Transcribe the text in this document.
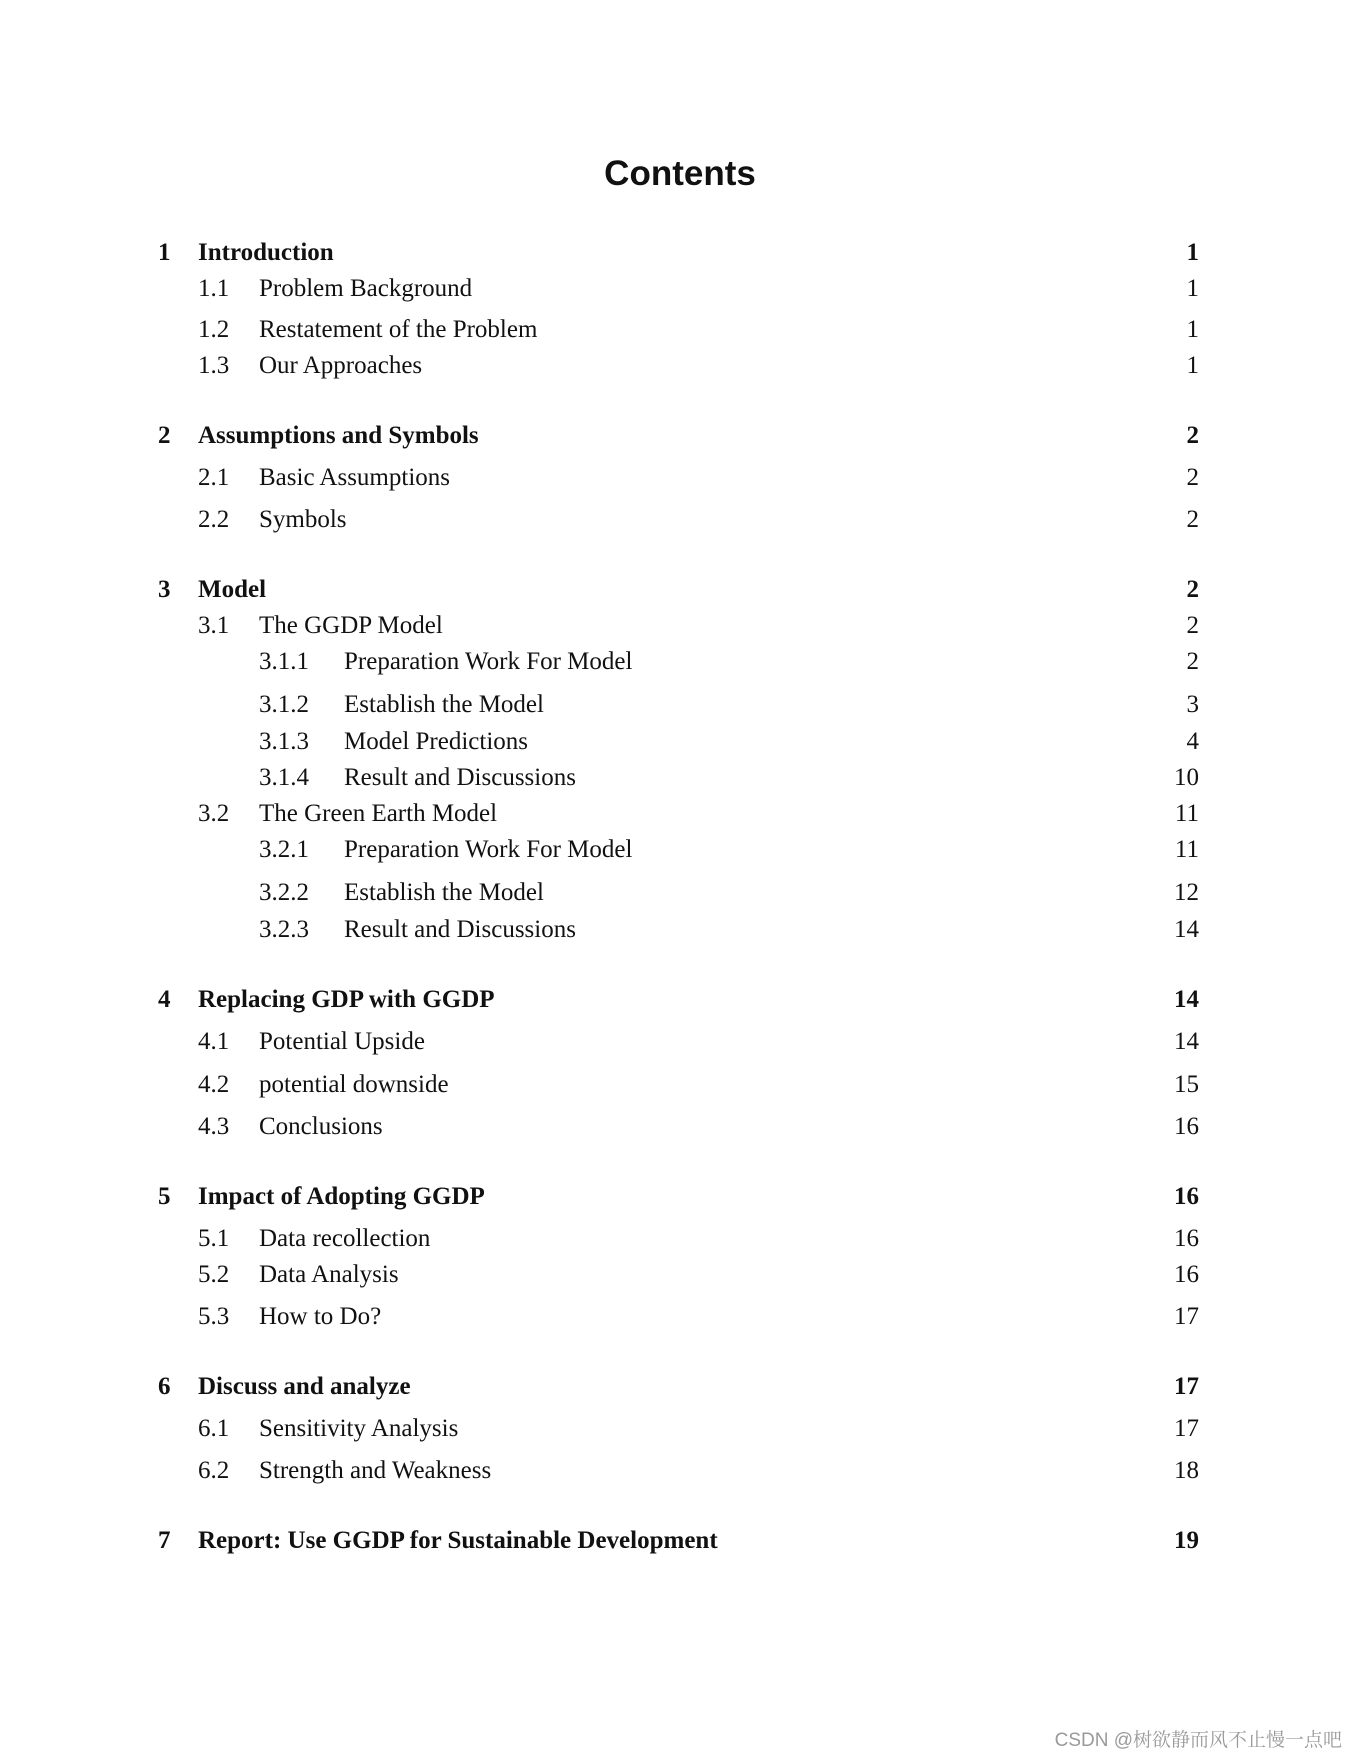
Contents
1 Introduction	1
1.1 Problem Background	1
1.2 Restatement of the Problem	1
1.3 Our Approaches	1
2 Assumptions and Symbols	2
2.1 Basic Assumptions	2
2.2 Symbols	2
3 Model	2
3.1 The GGDP Model	2
3.1.1 Preparation Work For Model	2
3.1.2 Establish the Model	3
3.1.3 Model Predictions	4
3.1.4 Result and Discussions	10
3.2 The Green Earth Model	11
3.2.1 Preparation Work For Model	11
3.2.2 Establish the Model	12
3.2.3 Result and Discussions	14
4 Replacing GDP with GGDP	14
4.1 Potential Upside	14
4.2 potential downside	15
4.3 Conclusions	16
5 Impact of Adopting GGDP	16
5.1 Data recollection	16
5.2 Data Analysis	16
5.3 How to Do?	17
6 Discuss and analyze	17
6.1 Sensitivity Analysis	17
6.2 Strength and Weakness	18
7 Report: Use GGDP for Sustainable Development	19
CSDN @树欲静而风不止慢一点吧
